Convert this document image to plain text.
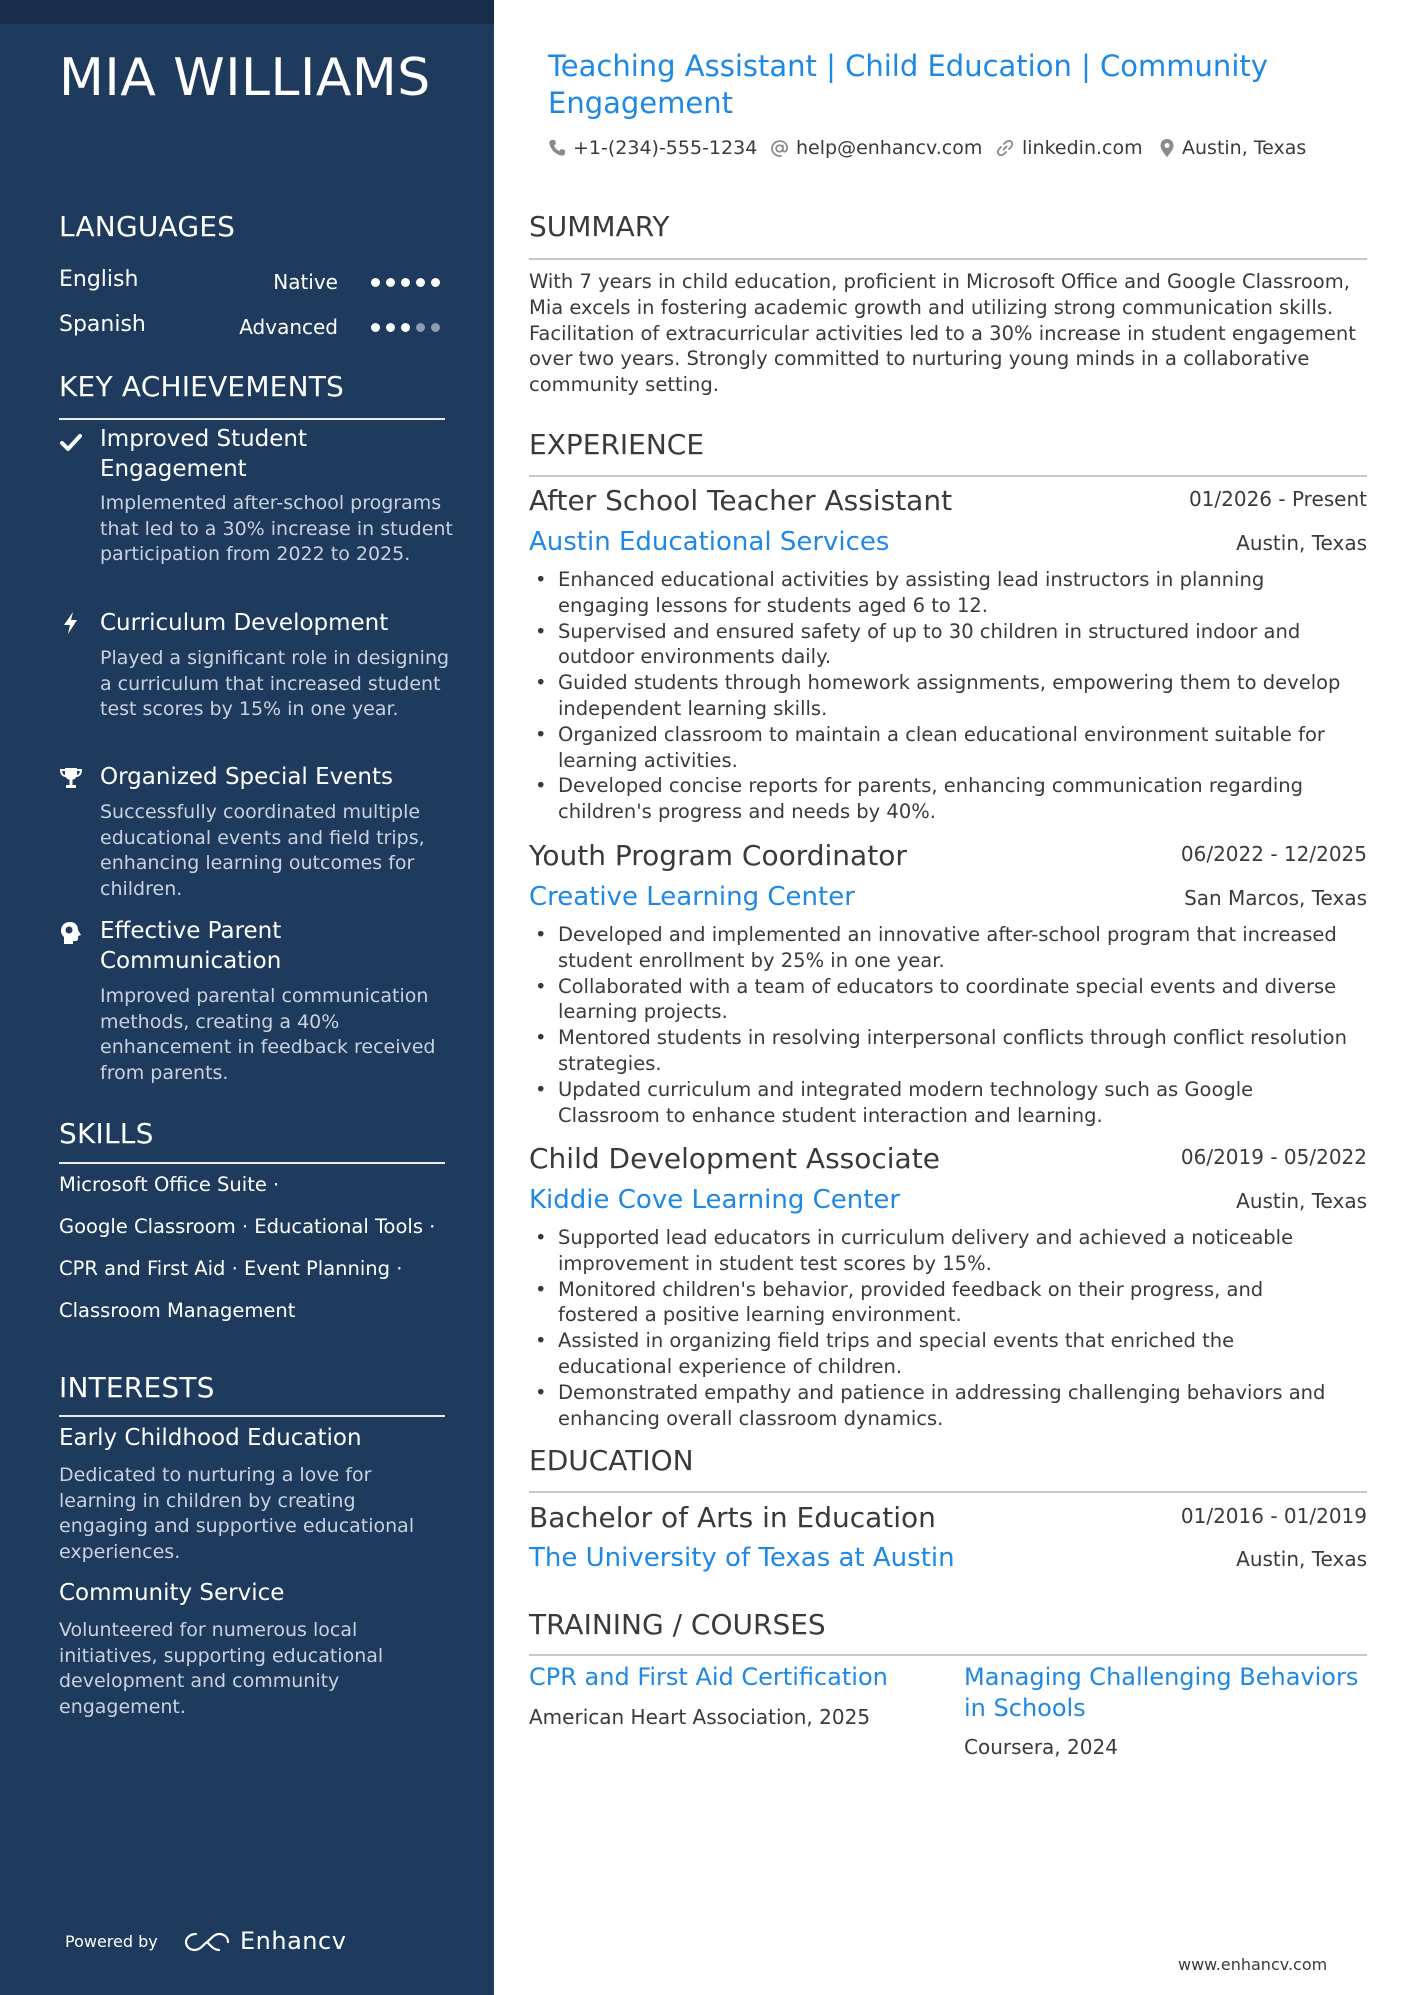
MIA WILLIAMS
LANGUAGES
English	Native
Spanish	Advanced
KEY ACHIEVEMENTS
Improved Student Engagement
Implemented after-school programs that led to a 30% increase in student participation from 2022 to 2025.
Curriculum Development
Played a significant role in designing a curriculum that increased student test scores by 15% in one year.
Organized Special Events
Successfully coordinated multiple educational events and field trips, enhancing learning outcomes for children.
Effective Parent Communication
Improved parental communication methods, creating a 40% enhancement in feedback received from parents.
SKILLS
Microsoft Office Suite ·
Google Classroom · Educational Tools ·
CPR and First Aid · Event Planning ·
Classroom Management
INTERESTS
Early Childhood Education
Dedicated to nurturing a love for learning in children by creating engaging and supportive educational experiences.
Community Service
Volunteered for numerous local initiatives, supporting educational development and community engagement.
Powered by	Enhancv
Teaching Assistant | Child Education | Community Engagement
+1-(234)-555-1234 help@enhancv.com linkedin.com Austin, Texas
SUMMARY
With 7 years in child education, proficient in Microsoft Office and Google Classroom, Mia excels in fostering academic growth and utilizing strong communication skills. Facilitation of extracurricular activities led to a 30% increase in student engagement over two years. Strongly committed to nurturing young minds in a collaborative community setting.
EXPERIENCE
After School Teacher Assistant	01/2026 - Present
Austin Educational Services	Austin, Texas
• Enhanced educational activities by assisting lead instructors in planning engaging lessons for students aged 6 to 12.
• Supervised and ensured safety of up to 30 children in structured indoor and outdoor environments daily.
• Guided students through homework assignments, empowering them to develop independent learning skills.
• Organized classroom to maintain a clean educational environment suitable for learning activities.
• Developed concise reports for parents, enhancing communication regarding children's progress and needs by 40%.
Youth Program Coordinator	06/2022 - 12/2025
Creative Learning Center	San Marcos, Texas
• Developed and implemented an innovative after-school program that increased student enrollment by 25% in one year.
• Collaborated with a team of educators to coordinate special events and diverse learning projects.
• Mentored students in resolving interpersonal conflicts through conflict resolution strategies.
• Updated curriculum and integrated modern technology such as Google Classroom to enhance student interaction and learning.
Child Development Associate	06/2019 - 05/2022
Kiddie Cove Learning Center	Austin, Texas
• Supported lead educators in curriculum delivery and achieved a noticeable improvement in student test scores by 15%.
• Monitored children's behavior, provided feedback on their progress, and fostered a positive learning environment.
• Assisted in organizing field trips and special events that enriched the educational experience of children.
• Demonstrated empathy and patience in addressing challenging behaviors and enhancing overall classroom dynamics.
EDUCATION
Bachelor of Arts in Education	01/2016 - 01/2019
The University of Texas at Austin	Austin, Texas
TRAINING / COURSES
CPR and First Aid Certification
American Heart Association, 2025
Managing Challenging Behaviors in Schools
Coursera, 2024
www.enhancv.com
